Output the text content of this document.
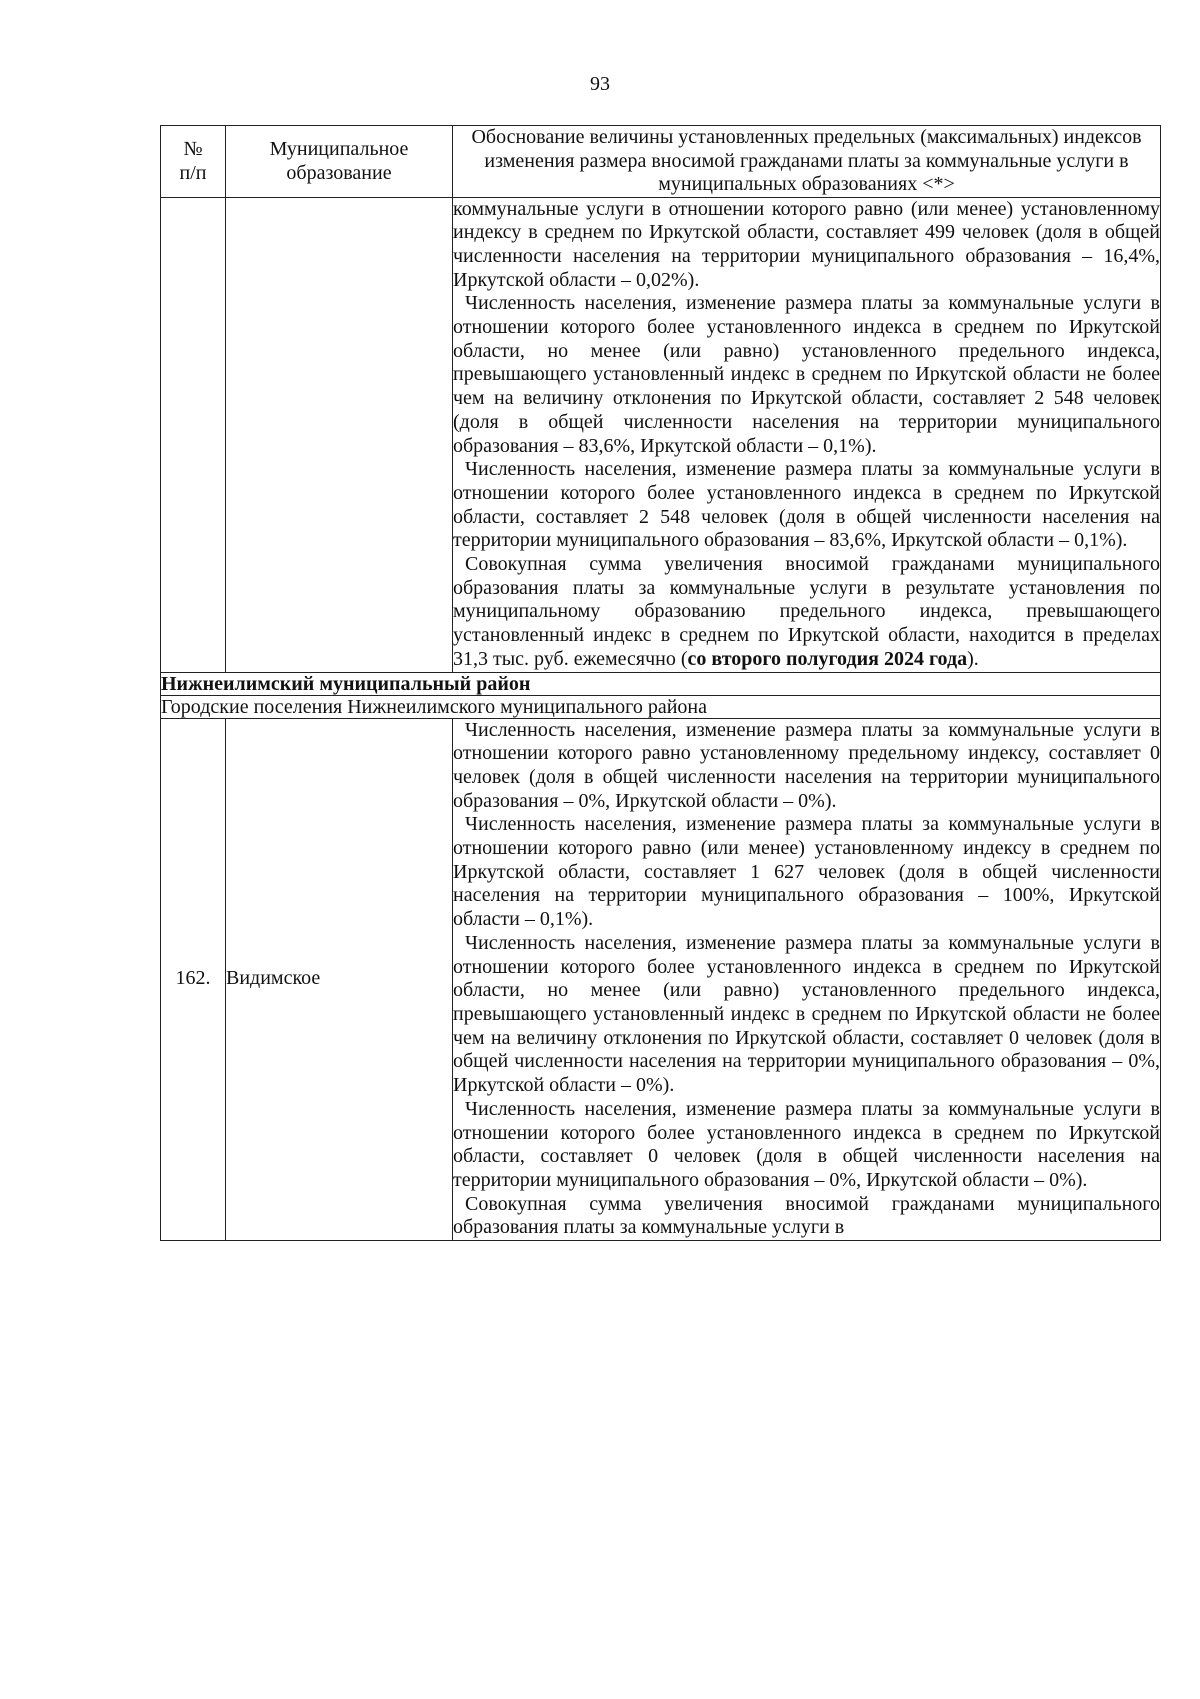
93
№
п/п	Муниципальное образование	Обоснование величины установленных предельных (максимальных) индексов изменения размера вносимой гражданами платы за коммунальные услуги в муниципальных образованиях <*>

		коммунальные услуги в отношении которого равно (или менее) установленному индексу в среднем по Иркутской области, составляет 499 человек (доля в общей численности населения на территории муниципального образования – 16,4%, Иркутской области – 0,02%).

Численность населения, изменение размера платы за коммунальные услуги в отношении которого более установленного индекса в среднем по Иркутской области, но менее (или равно) установленного предельного индекса, превышающего установленный индекс в среднем по Иркутской области не более чем на величину отклонения по Иркутской области, составляет 2 548 человек (доля в общей численности населения на территории муниципального образования – 83,6%, Иркутской области – 0,1%).

Численность населения, изменение размера платы за коммунальные услуги в отношении которого более установленного индекса в среднем по Иркутской области, составляет 2 548 человек (доля в общей численности населения на территории муниципального образования – 83,6%, Иркутской области – 0,1%).

Совокупная сумма увеличения вносимой гражданами муниципального образования платы за коммунальные услуги в результате установления по муниципальному образованию предельного индекса, превышающего установленный индекс в среднем по Иркутской области, находится в пределах 31,3 тыс. руб. ежемесячно (со второго полугодия 2024 года).

Нижнеилимский муниципальный район		
Городские поселения Нижнеилимского муниципального района		
162.	Видимское	Численность населения, изменение размера платы за коммунальные услуги в отношении которого равно установленному предельному индексу, составляет 0 человек (доля в общей численности населения на территории муниципального образования – 0%, Иркутской области – 0%).

Численность населения, изменение размера платы за коммунальные услуги в отношении которого равно (или менее) установленному индексу в среднем по Иркутской области, составляет 1 627 человек (доля в общей численности населения на территории муниципального образования – 100%, Иркутской области – 0,1%).

Численность населения, изменение размера платы за коммунальные услуги в отношении которого более установленного индекса в среднем по Иркутской области, но менее (или равно) установленного предельного индекса, превышающего установленный индекс в среднем по Иркутской области не более чем на величину отклонения по Иркутской области, составляет 0 человек (доля в общей численности населения на территории муниципального образования – 0%, Иркутской области – 0%).

Численность населения, изменение размера платы за коммунальные услуги в отношении которого более установленного индекса в среднем по Иркутской области, составляет 0 человек (доля в общей численности населения на территории муниципального образования – 0%, Иркутской области – 0%).

Совокупная сумма увеличения вносимой гражданами муниципального образования платы за коммунальные услуги в
